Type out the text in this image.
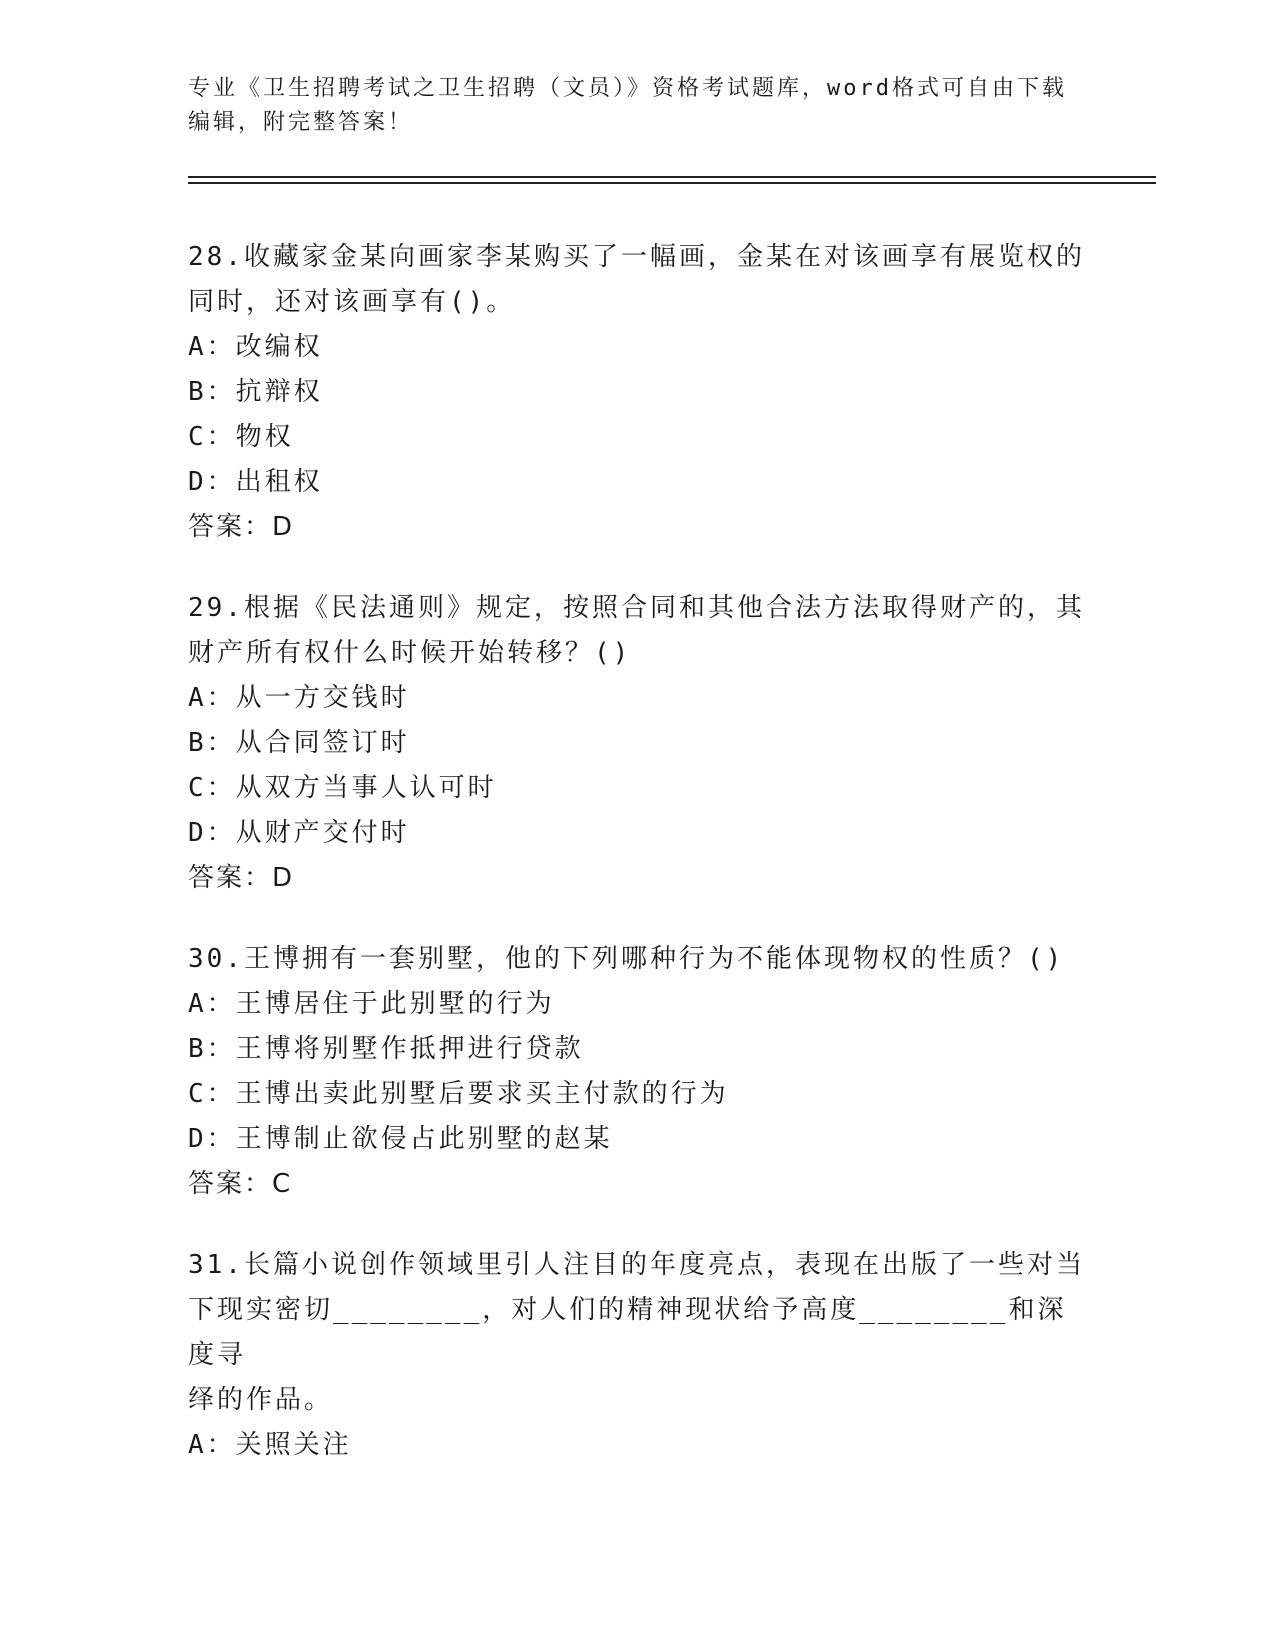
专业《卫生招聘考试之卫生招聘（文员）》资格考试题库，word格式可自由下载
编辑，附完整答案！
28.收藏家金某向画家李某购买了一幅画，金某在对该画享有展览权的
同时，还对该画享有()。
A：改编权
B：抗辩权
C：物权
D：出租权
答案：D
29.根据《民法通则》规定，按照合同和其他合法方法取得财产的，其
财产所有权什么时候开始转移？()
A：从一方交钱时
B：从合同签订时
C：从双方当事人认可时
D：从财产交付时
答案：D
30.王博拥有一套别墅，他的下列哪种行为不能体现物权的性质？()
A：王博居住于此别墅的行为
B：王博将别墅作抵押进行贷款
C：王博出卖此别墅后要求买主付款的行为
D：王博制止欲侵占此别墅的赵某
答案：C
31.长篇小说创作领域里引人注目的年度亮点，表现在出版了一些对当
下现实密切________，对人们的精神现状给予高度________和深度寻
绎的作品。
A：关照关注
